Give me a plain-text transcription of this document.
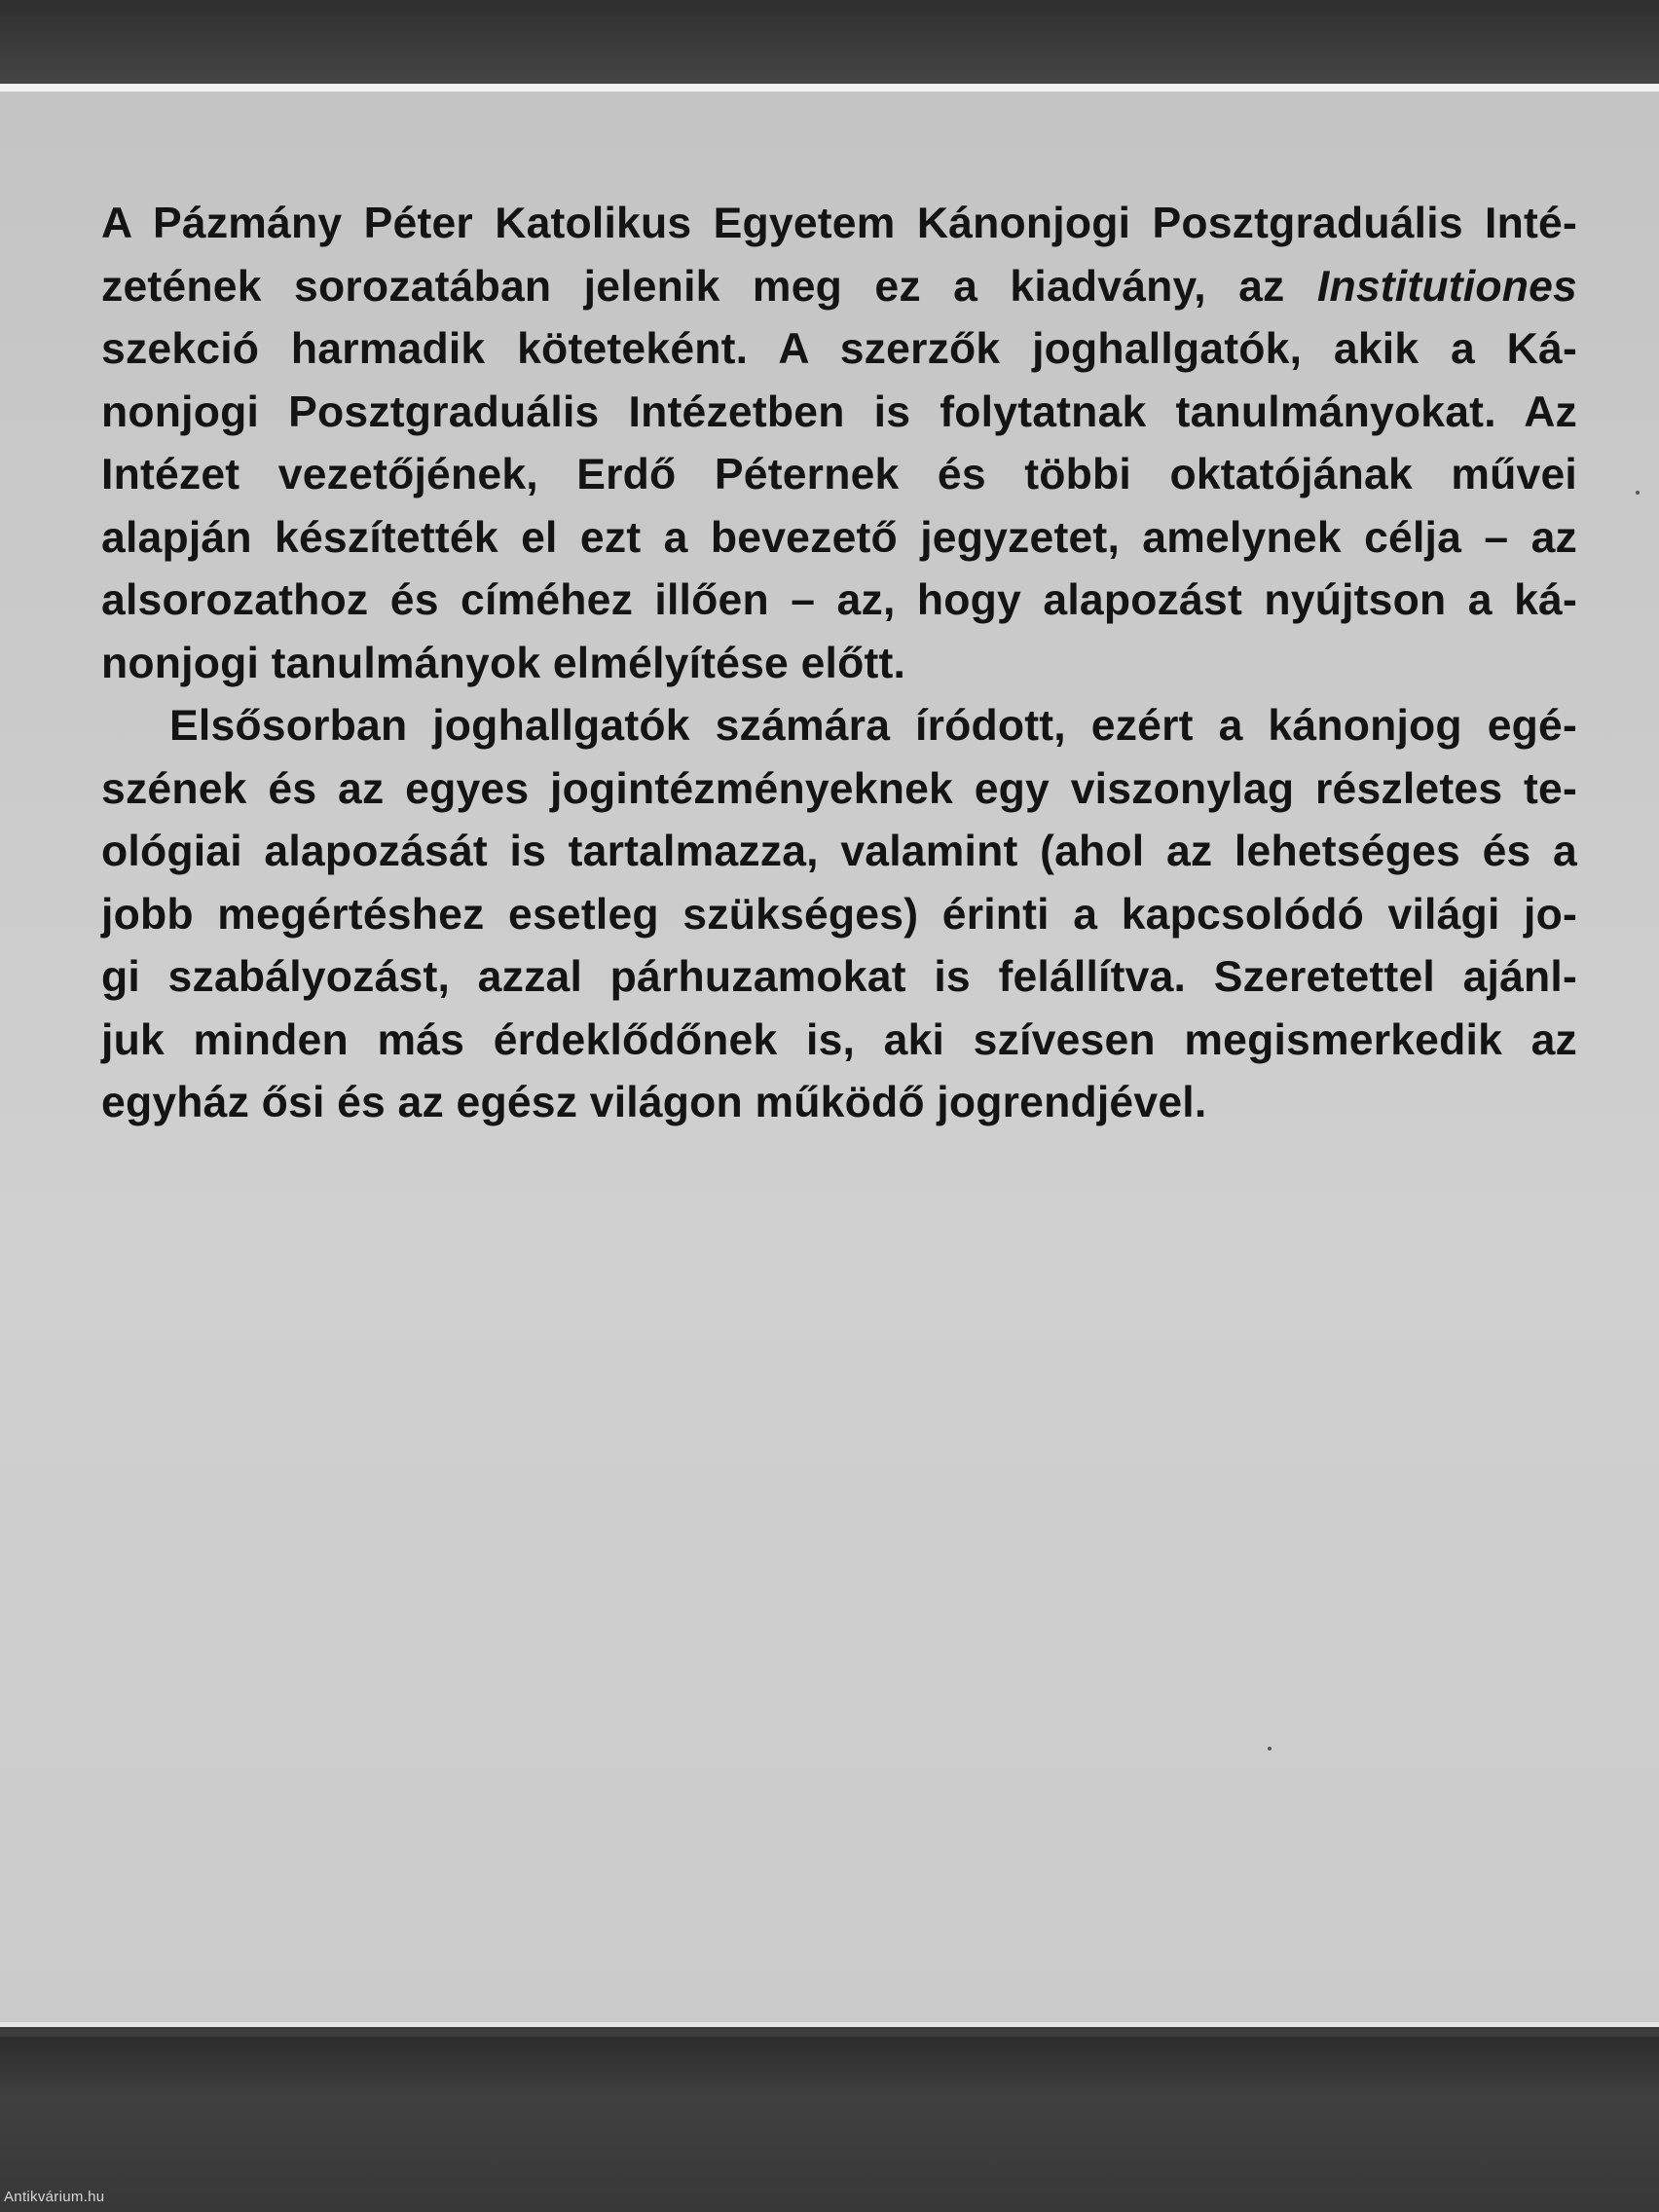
A Pázmány Péter Katolikus Egyetem Kánonjogi Posztgraduális Inté-
zetének sorozatában jelenik meg ez a kiadvány, az Institutiones
szekció harmadik köteteként. A szerzők joghallgatók, akik a Ká-
nonjogi Posztgraduális Intézetben is folytatnak tanulmányokat. Az
Intézet vezetőjének, Erdő Péternek és többi oktatójának művei
alapján készítették el ezt a bevezető jegyzetet, amelynek célja – az
alsorozathoz és címéhez illően – az, hogy alapozást nyújtson a ká-
nonjogi tanulmányok elmélyítése előtt.
Elsősorban joghallgatók számára íródott, ezért a kánonjog egé-
szének és az egyes jogintézményeknek egy viszonylag részletes te-
ológiai alapozását is tartalmazza, valamint (ahol az lehetséges és a
jobb megértéshez esetleg szükséges) érinti a kapcsolódó világi jo-
gi szabályozást, azzal párhuzamokat is felállítva. Szeretettel ajánl-
juk minden más érdeklődőnek is, aki szívesen megismerkedik az
egyház ősi és az egész világon működő jogrendjével.
Antikvárium.hu
